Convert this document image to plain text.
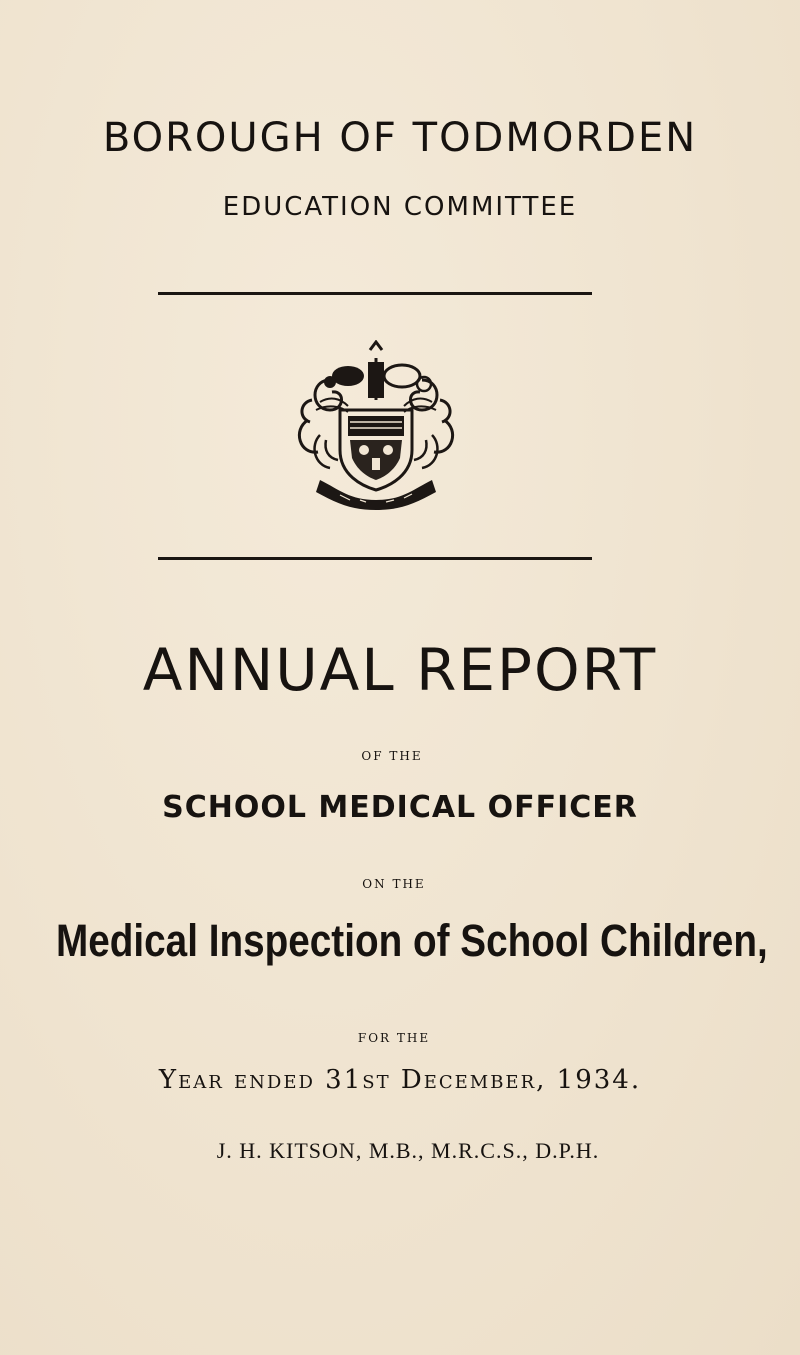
BOROUGH OF TODMORDEN
EDUCATION COMMITTEE
ANNUAL REPORT
OF THE
SCHOOL MEDICAL OFFICER
ON THE
Medical Inspection of School Children,
FOR THE
Year ended 31st December, 1934.
J. H. KITSON, M.B., M.R.C.S., D.P.H.
